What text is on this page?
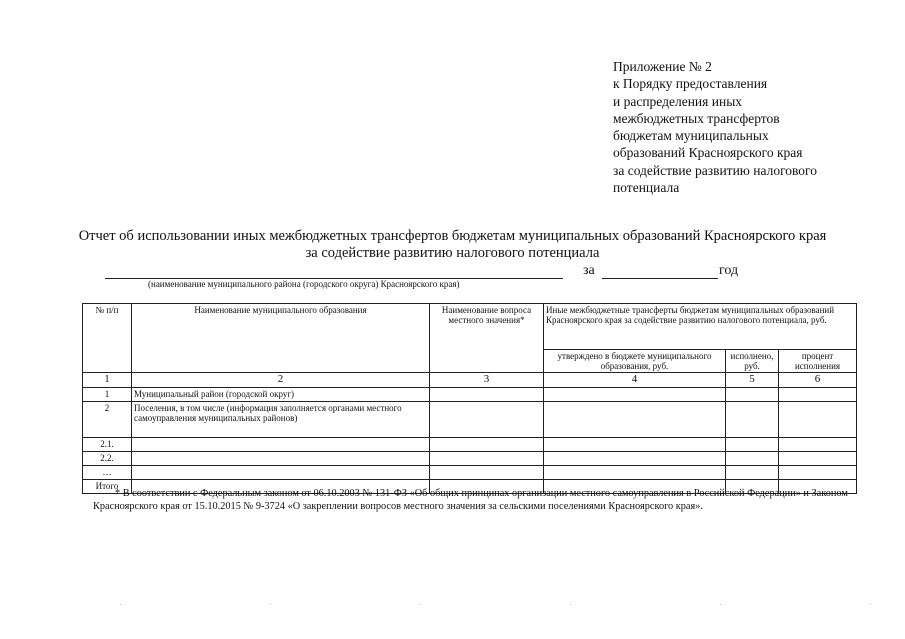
Приложение № 2
к Порядку предоставления
и распределения иных
межбюджетных трансфертов
бюджетам муниципальных
образований Красноярского края
за содействие развитию налогового
потенциала
Отчет об использовании иных межбюджетных трансфертов бюджетам муниципальных образований Красноярского края
за содействие развитию налогового потенциала
за	год
(наименование муниципального района (городского округа) Красноярского края)
№ п/п	Наименование муниципального образования	Наименование вопроса местного значения*	Иные межбюджетные трансферты бюджетам муниципальных образований Красноярского края за содействие развитию налогового потенциала, руб.		
			утверждено в бюджете муниципального образования, руб.	исполнено, руб.	процент исполнения
1	2	3	4	5	6
1	Муниципальный район (городской округ)				
2	Поселения, в том числе (информация заполняется органами местного самоуправления муниципальных районов)				
2.1.					
2.2.					
…					
Итого					
* В соответствии с Федеральным законом от 06.10.2003 № 131-ФЗ «Об общих принципах организации местного самоуправления в Российской Федерации» и Законом Красноярского края от 15.10.2015 № 9-3724 «О закреплении вопросов местного значения за сельскими поселениями Красноярского края».
